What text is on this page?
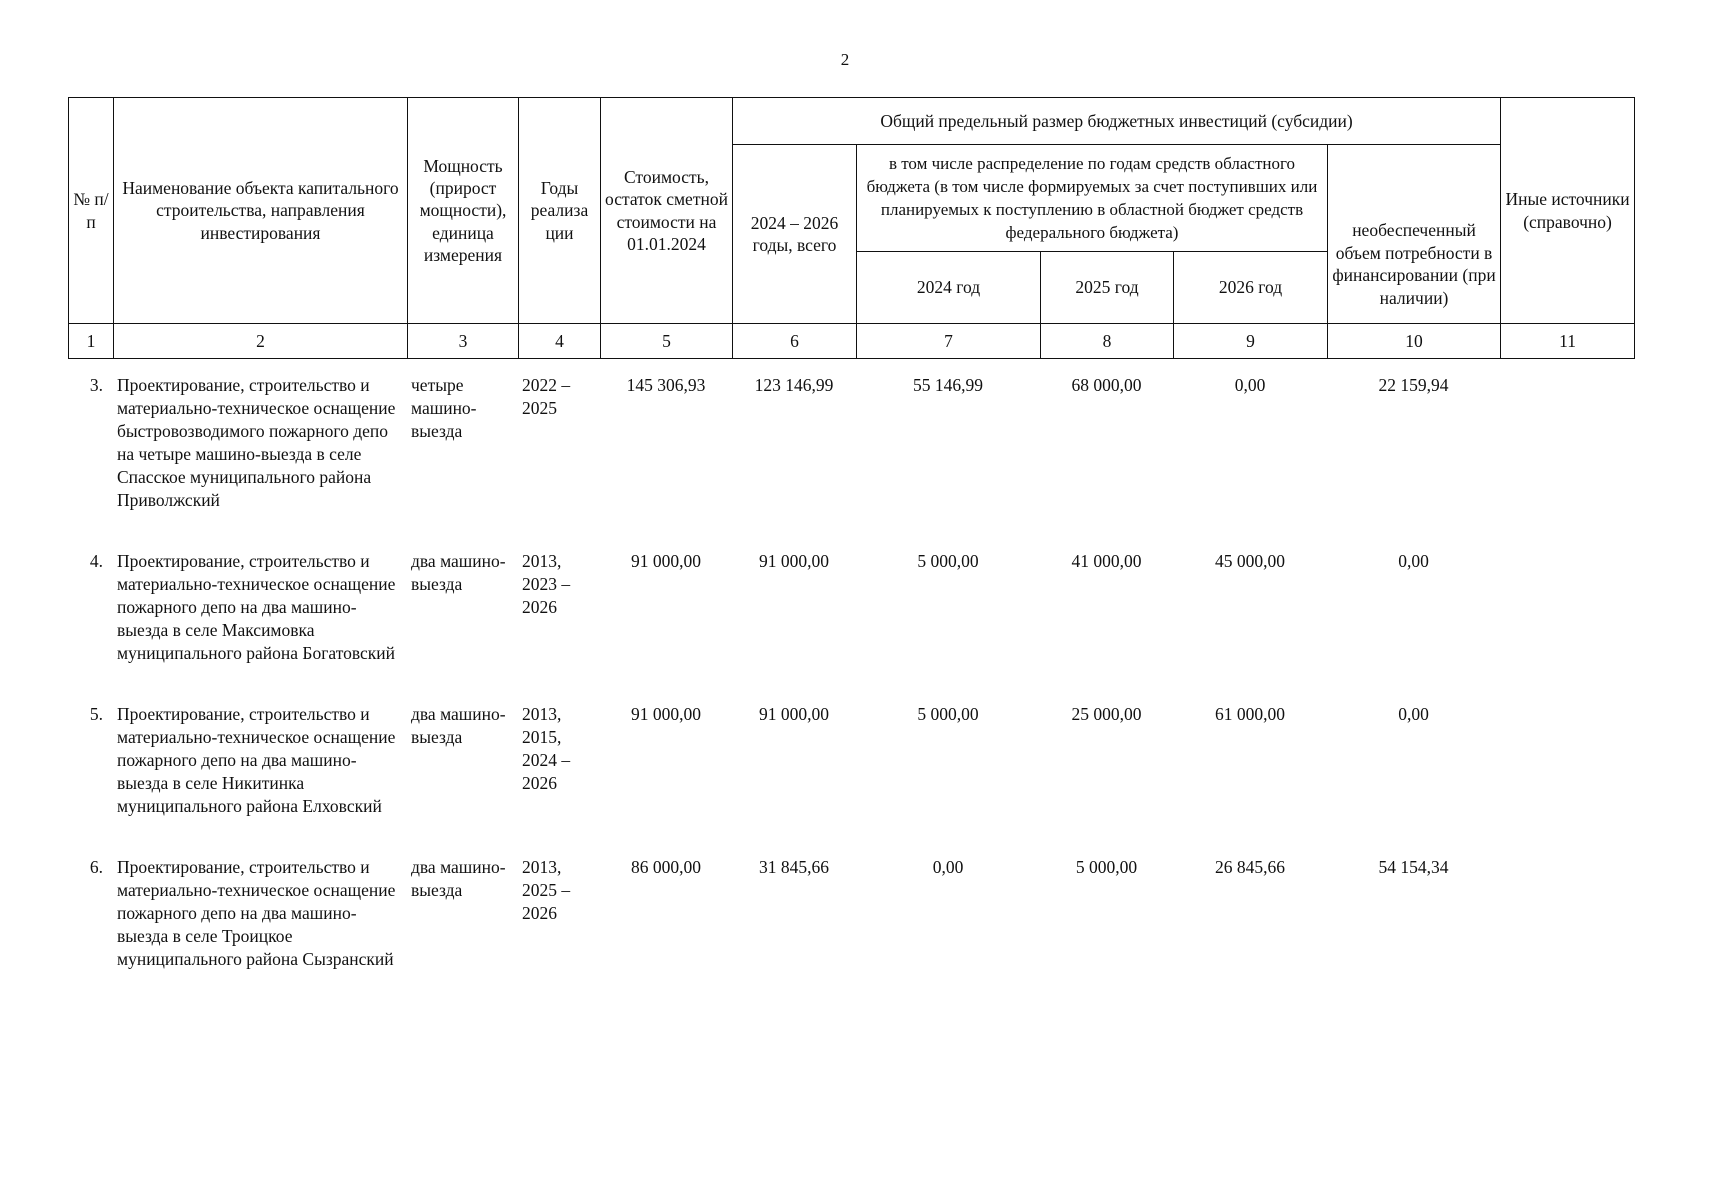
2
№ п/п	Наименование объекта капитального строительства, направления инвестирования	Мощность (прирост мощности), единица измерения	Годы реализа ции	Стоимость, остаток сметной стоимости на 01.01.2024	Общий предельный размер бюджетных инвестиций (субсидии)					Иные источники (справочно)
					2024 – 2026 годы, всего	в том числе распределение по годам средств областного бюджета (в том числе формируемых за счет поступивших или планируемых к поступлению в областной бюджет средств федерального бюджета)			необеспеченный объем потребности в финансировании (при наличии)	
						2024 год	2025 год	2026 год		
1	2	3	4	5	6	7	8	9	10	11
3.	Проектирование, строительство и материально-техническое оснащение быстровозводимого пожарного депо на четыре машино-выезда в селе Спасское муниципального района Приволжский	четыре машино-выезда	2022 – 2025	145 306,93	123 146,99	55 146,99	68 000,00	0,00	22 159,94	
4.	Проектирование, строительство и материально-техническое оснащение пожарного депо на два машино-выезда в селе Максимовка муниципального района Богатовский	два машино-выезда	2013, 2023 – 2026	91 000,00	91 000,00	5 000,00	41 000,00	45 000,00	0,00	
5.	Проектирование, строительство и материально-техническое оснащение пожарного депо на два машино-выезда в селе Никитинка муниципального района Елховский	два машино-выезда	2013, 2015, 2024 – 2026	91 000,00	91 000,00	5 000,00	25 000,00	61 000,00	0,00	
6.	Проектирование, строительство и материально-техническое оснащение пожарного депо на два машино-выезда в селе Троицкое муниципального района Сызранский	два машино-выезда	2013, 2025 – 2026	86 000,00	31 845,66	0,00	5 000,00	26 845,66	54 154,34	
